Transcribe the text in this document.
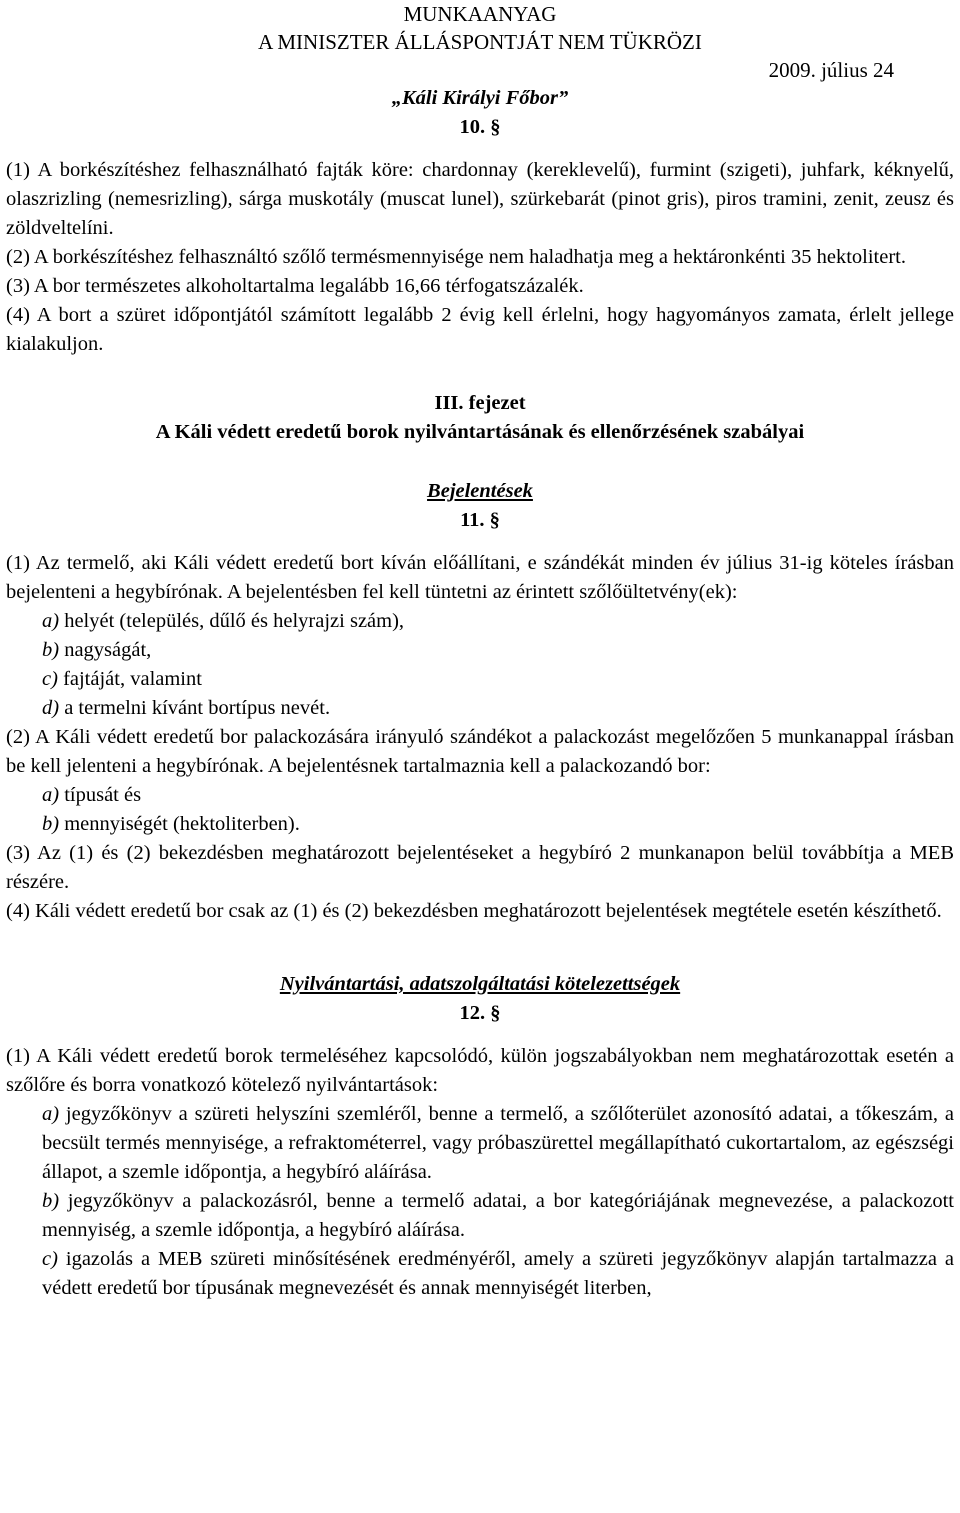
MUNKAANYAG
A MINISZTER ÁLLÁSPONTJÁT NEM TÜKRÖZI
2009. július 24
„Káli Királyi Főbor”
10. §

(1) A borkészítéshez felhasználható fajták köre: chardonnay (kereklevelű), furmint (szigeti), juhfark, kéknyelű, olaszrizling (nemesrizling), sárga muskotály (muscat lunel), szürkebarát (pinot gris), piros tramini, zenit, zeusz és zöldveltelíni.

(2) A borkészítéshez felhasználtó szőlő termésmennyisége nem haladhatja meg a hektáronkénti 35 hektolitert.

(3) A bor természetes alkoholtartalma legalább 16,66 térfogatszázalék.

(4) A bort a szüret időpontjától számított legalább 2 évig kell érlelni, hogy hagyományos zamata, érlelt jellege kialakuljon.

III. fejezet
A Káli védett eredetű borok nyilvántartásának és ellenőrzésének szabályai
Bejelentések
11. §

(1) Az termelő, aki Káli védett eredetű bort kíván előállítani, e szándékát minden év július 31-ig köteles írásban bejelenteni a hegybírónak. A bejelentésben fel kell tüntetni az érintett szőlőültetvény(ek):

a) helyét (település, dűlő és helyrajzi szám),
b) nagyságát,
c) fajtáját, valamint
d) a termelni kívánt bortípus nevét.

(2) A Káli védett eredetű bor palackozására irányuló szándékot a palackozást megelőzően 5 munkanappal írásban be kell jelenteni a hegybírónak. A bejelentésnek tartalmaznia kell a palackozandó bor:

a) típusát és
b) mennyiségét (hektoliterben).

(3) Az (1) és (2) bekezdésben meghatározott bejelentéseket a hegybíró 2 munkanapon belül továbbítja a MEB részére.

(4) Káli védett eredetű bor csak az (1) és (2) bekezdésben meghatározott bejelentések megtétele esetén készíthető.

Nyilvántartási, adatszolgáltatási kötelezettségek
12. §

(1) A Káli védett eredetű borok termeléséhez kapcsolódó, külön jogszabályokban nem meghatározottak esetén a szőlőre és borra vonatkozó kötelező nyilvántartások:

a) jegyzőkönyv a szüreti helyszíni szemléről, benne a termelő, a szőlőterület azonosító adatai, a tőkeszám, a becsült termés mennyisége, a refraktométerrel, vagy próbaszürettel megállapítható cukortartalom, az egészségi állapot, a szemle időpontja, a hegybíró aláírása.

b) jegyzőkönyv a palackozásról, benne a termelő adatai, a bor kategóriájának megnevezése, a palackozott mennyiség, a szemle időpontja, a hegybíró aláírása.

c) igazolás a MEB szüreti minősítésének eredményéről, amely a szüreti jegyzőkönyv alapján tartalmazza a védett eredetű bor típusának megnevezését és annak mennyiségét literben,
